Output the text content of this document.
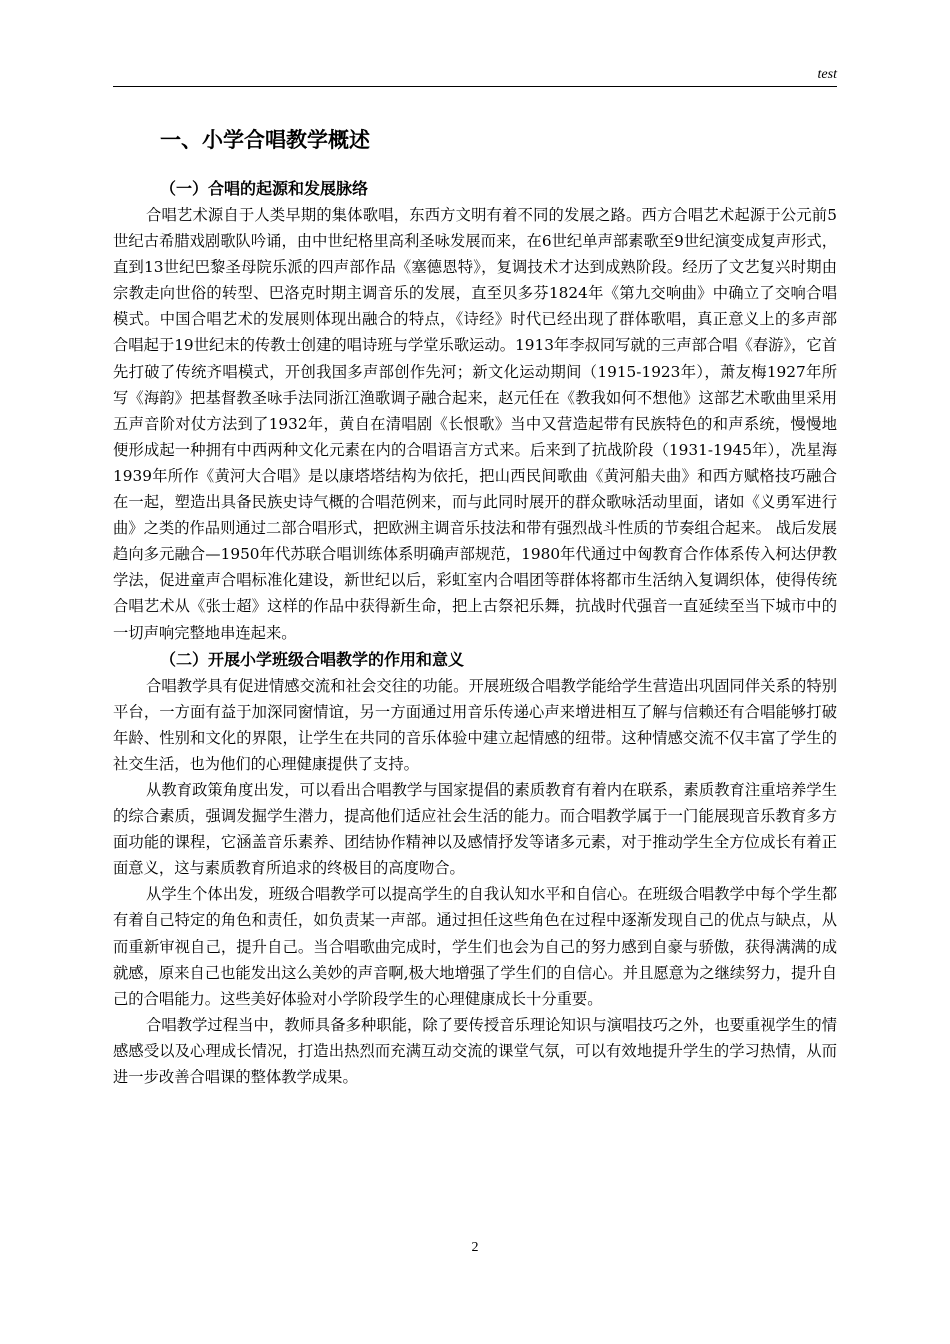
test
一、小学合唱教学概述
（一）合唱的起源和发展脉络

合唱艺术源自于人类早期的集体歌唱，东西方文明有着不同的发展之路。西方合唱艺术起源于公元前5世纪古希腊戏剧歌队吟诵，由中世纪格里高利圣咏发展而来，在6世纪单声部素歌至9世纪演变成复声形式，直到13世纪巴黎圣母院乐派的四声部作品《塞德恩特》，复调技术才达到成熟阶段。经历了文艺复兴时期由宗教走向世俗的转型、巴洛克时期主调音乐的发展，直至贝多芬1824年《第九交响曲》中确立了交响合唱模式。中国合唱艺术的发展则体现出融合的特点，《诗经》时代已经出现了群体歌唱，真正意义上的多声部合唱起于19世纪末的传教士创建的唱诗班与学堂乐歌运动。1913年李叔同写就的三声部合唱《春游》，它首先打破了传统齐唱模式，开创我国多声部创作先河；新文化运动期间（1915-1923年），萧友梅1927年所写《海韵》把基督教圣咏手法同浙江渔歌调子融合起来，赵元任在《教我如何不想他》这部艺术歌曲里采用五声音阶对仗方法到了1932年，黄自在清唱剧《长恨歌》当中又营造起带有民族特色的和声系统，慢慢地便形成起一种拥有中西两种文化元素在内的合唱语言方式来。后来到了抗战阶段（1931-1945年），冼星海1939年所作《黄河大合唱》是以康塔塔结构为依托，把山西民间歌曲《黄河船夫曲》和西方赋格技巧融合在一起，塑造出具备民族史诗气概的合唱范例来，而与此同时展开的群众歌咏活动里面，诸如《义勇军进行曲》之类的作品则通过二部合唱形式，把欧洲主调音乐技法和带有强烈战斗性质的节奏组合起来。 战后发展趋向多元融合—1950年代苏联合唱训练体系明确声部规范，1980年代通过中匈教育合作体系传入柯达伊教学法，促进童声合唱标准化建设，新世纪以后，彩虹室内合唱团等群体将都市生活纳入复调织体，使得传统合唱艺术从《张士超》这样的作品中获得新生命，把上古祭祀乐舞，抗战时代强音一直延续至当下城市中的一切声响完整地串连起来。

（二）开展小学班级合唱教学的作用和意义

合唱教学具有促进情感交流和社会交往的功能。开展班级合唱教学能给学生营造出巩固同伴关系的特别平台，一方面有益于加深同窗情谊，另一方面通过用音乐传递心声来增进相互了解与信赖还有合唱能够打破年龄、性别和文化的界限，让学生在共同的音乐体验中建立起情感的纽带。这种情感交流不仅丰富了学生的社交生活，也为他们的心理健康提供了支持。

从教育政策角度出发，可以看出合唱教学与国家提倡的素质教育有着内在联系，素质教育注重培养学生的综合素质，强调发掘学生潜力，提高他们适应社会生活的能力。而合唱教学属于一门能展现音乐教育多方面功能的课程，它涵盖音乐素养、团结协作精神以及感情抒发等诸多元素，对于推动学生全方位成长有着正面意义，这与素质教育所追求的终极目的高度吻合。

从学生个体出发，班级合唱教学可以提高学生的自我认知水平和自信心。在班级合唱教学中每个学生都有着自己特定的角色和责任，如负责某一声部。通过担任这些角色在过程中逐渐发现自己的优点与缺点，从而重新审视自己，提升自己。当合唱歌曲完成时，学生们也会为自己的努力感到自豪与骄傲，获得满满的成就感，原来自己也能发出这么美妙的声音啊,极大地增强了学生们的自信心。并且愿意为之继续努力，提升自己的合唱能力。这些美好体验对小学阶段学生的心理健康成长十分重要。

合唱教学过程当中，教师具备多种职能，除了要传授音乐理论知识与演唱技巧之外，也要重视学生的情感感受以及心理成长情况，打造出热烈而充满互动交流的课堂气氛，可以有效地提升学生的学习热情，从而进一步改善合唱课的整体教学成果。

2
